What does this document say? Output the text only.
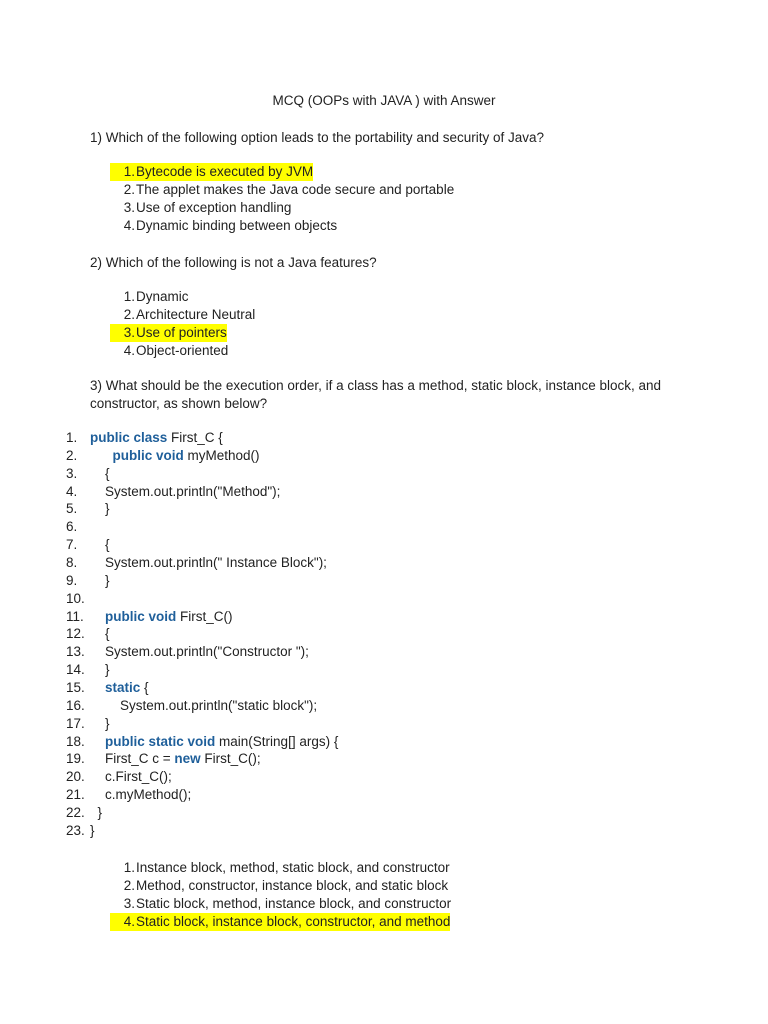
MCQ (OOPs with JAVA ) with Answer
1) Which of the following option leads to the portability and security of Java?
1.Bytecode is executed by JVM
2.The applet makes the Java code secure and portable
3.Use of exception handling
4.Dynamic binding between objects
2) Which of the following is not a Java features?
1.Dynamic
2.Architecture Neutral
3.Use of pointers
4.Object-oriented
3) What should be the execution order, if a class has a method, static block, instance block, and constructor, as shown below?
1. public class First_C {
2.	public void myMethod()
3. {
4. System.out.println("Method");
5. }
6.
7. {
8. System.out.println(" Instance Block");
9. }
10.
11. public void First_C()
12. {
13. System.out.println("Constructor ");
14. }
15. static {
16.	System.out.println("static block");
17. }
18. public static void main(String[] args) {
19. First_C c = new First_C();
20. c.First_C();
21. c.myMethod();
22. }
23. }
1.Instance block, method, static block, and constructor
2.Method, constructor, instance block, and static block
3.Static block, method, instance block, and constructor
4.Static block, instance block, constructor, and method
